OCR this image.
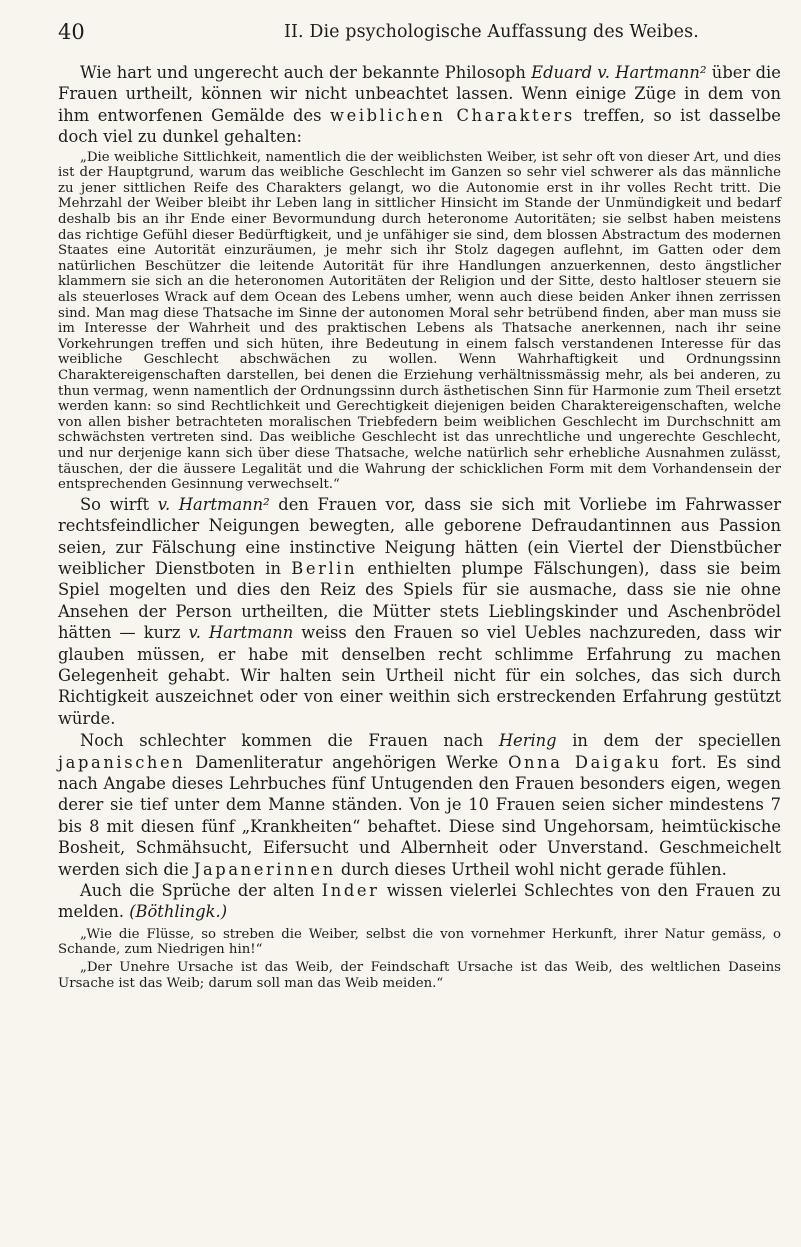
40	II. Die psychologische Auffassung des Weibes.

Wie hart und ungerecht auch der bekannte Philosoph Eduard v. Hartmann² über die Frauen urtheilt, können wir nicht unbeachtet lassen. Wenn einige Züge in dem von ihm entworfenen Gemälde des weiblichen Charakters treffen, so ist dasselbe doch viel zu dunkel gehalten:

„Die weibliche Sittlichkeit, namentlich die der weiblichsten Weiber, ist sehr oft von dieser Art, und dies ist der Hauptgrund, warum das weibliche Geschlecht im Ganzen so sehr viel schwerer als das männliche zu jener sittlichen Reife des Charakters gelangt, wo die Autonomie erst in ihr volles Recht tritt. Die Mehrzahl der Weiber bleibt ihr Leben lang in sittlicher Hinsicht im Stande der Unmündigkeit und bedarf deshalb bis an ihr Ende einer Bevormundung durch heteronome Autoritäten; sie selbst haben meistens das richtige Gefühl dieser Bedürftigkeit, und je unfähiger sie sind, dem blossen Abstractum des modernen Staates eine Autorität einzuräumen, je mehr sich ihr Stolz dagegen auflehnt, im Gatten oder dem natürlichen Beschützer die leitende Autorität für ihre Handlungen anzuerkennen, desto ängstlicher klammern sie sich an die heteronomen Autoritäten der Religion und der Sitte, desto haltloser steuern sie als steuerloses Wrack auf dem Ocean des Lebens umher, wenn auch diese beiden Anker ihnen zerrissen sind. Man mag diese Thatsache im Sinne der autonomen Moral sehr betrübend finden, aber man muss sie im Interesse der Wahrheit und des praktischen Lebens als Thatsache anerkennen, nach ihr seine Vorkehrungen treffen und sich hüten, ihre Bedeutung in einem falsch verstandenen Interesse für das weibliche Geschlecht abschwächen zu wollen. Wenn Wahrhaftigkeit und Ordnungssinn Charaktereigenschaften darstellen, bei denen die Erziehung verhältnissmässig mehr, als bei anderen, zu thun vermag, wenn namentlich der Ordnungssinn durch ästhetischen Sinn für Harmonie zum Theil ersetzt werden kann: so sind Rechtlichkeit und Gerechtigkeit diejenigen beiden Charaktereigenschaften, welche von allen bisher betrachteten moralischen Triebfedern beim weiblichen Geschlecht im Durchschnitt am schwächsten vertreten sind. Das weibliche Geschlecht ist das unrechtliche und ungerechte Geschlecht, und nur derjenige kann sich über diese Thatsache, welche natürlich sehr erhebliche Ausnahmen zulässt, täuschen, der die äussere Legalität und die Wahrung der schicklichen Form mit dem Vorhandensein der entsprechenden Gesinnung verwechselt.“

So wirft v. Hartmann² den Frauen vor, dass sie sich mit Vorliebe im Fahrwasser rechtsfeindlicher Neigungen bewegten, alle geborene Defraudantinnen aus Passion seien, zur Fälschung eine instinctive Neigung hätten (ein Viertel der Dienstbücher weiblicher Dienstboten in Berlin enthielten plumpe Fälschungen), dass sie beim Spiel mogelten und dies den Reiz des Spiels für sie ausmache, dass sie nie ohne Ansehen der Person urtheilten, die Mütter stets Lieblingskinder und Aschenbrödel hätten — kurz v. Hartmann weiss den Frauen so viel Uebles nachzureden, dass wir glauben müssen, er habe mit denselben recht schlimme Erfahrung zu machen Gelegenheit gehabt. Wir halten sein Urtheil nicht für ein solches, das sich durch Richtigkeit auszeichnet oder von einer weithin sich erstreckenden Erfahrung gestützt würde.

Noch schlechter kommen die Frauen nach Hering in dem der speciellen japanischen Damenliteratur angehörigen Werke Onna Daigaku fort. Es sind nach Angabe dieses Lehrbuches fünf Untugenden den Frauen besonders eigen, wegen derer sie tief unter dem Manne ständen. Von je 10 Frauen seien sicher mindestens 7 bis 8 mit diesen fünf „Krankheiten“ behaftet. Diese sind Ungehorsam, heimtückische Bosheit, Schmähsucht, Eifersucht und Albernheit oder Unverstand. Geschmeichelt werden sich die Japanerinnen durch dieses Urtheil wohl nicht gerade fühlen.

Auch die Sprüche der alten Inder wissen vielerlei Schlechtes von den Frauen zu melden. (Böthlingk.)

„Wie die Flüsse, so streben die Weiber, selbst die von vornehmer Herkunft, ihrer Natur gemäss, o Schande, zum Niedrigen hin!“

„Der Unehre Ursache ist das Weib, der Feindschaft Ursache ist das Weib, des weltlichen Daseins Ursache ist das Weib; darum soll man das Weib meiden.“
